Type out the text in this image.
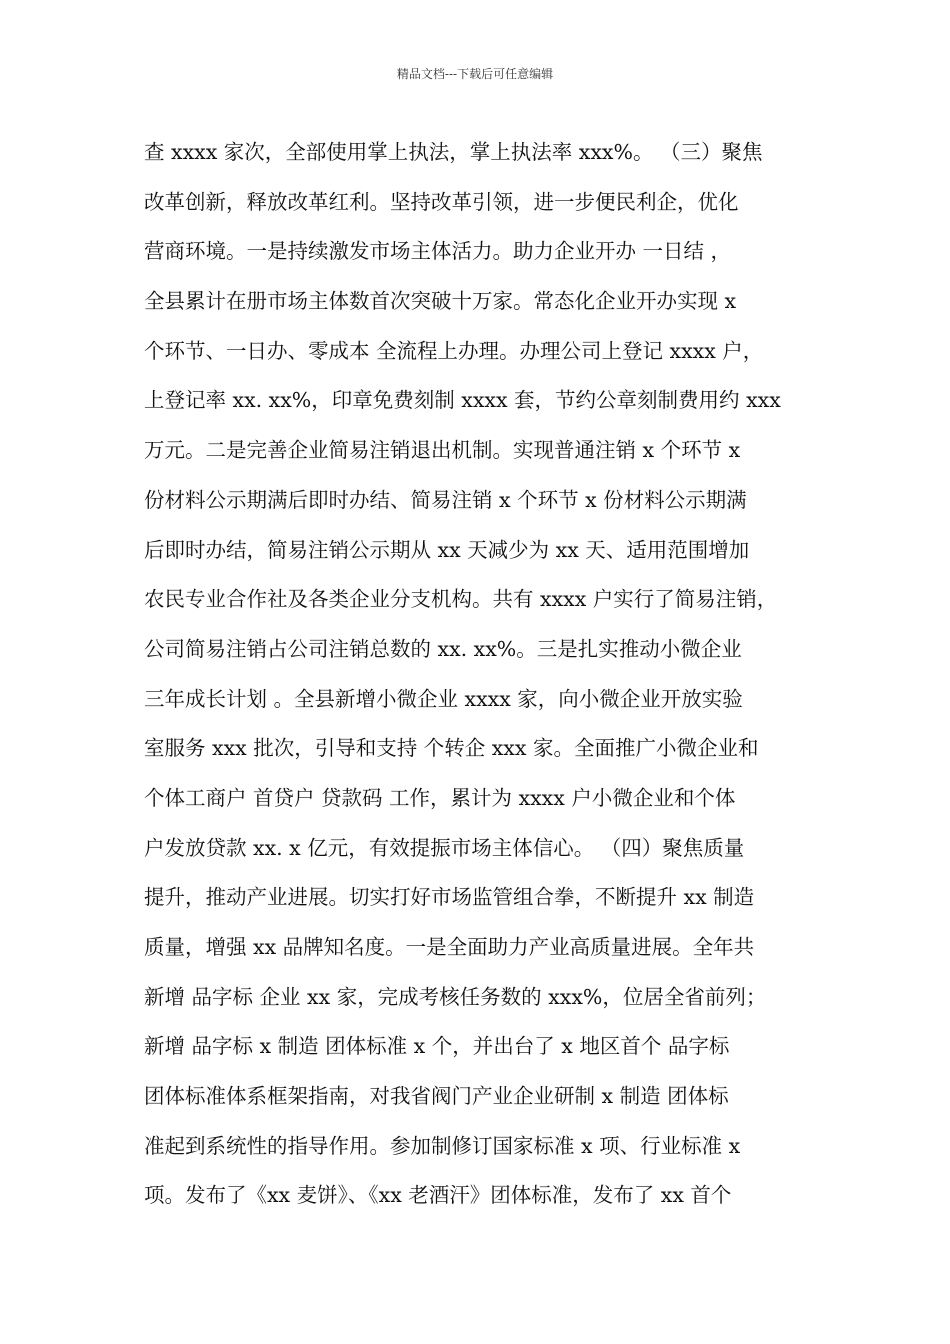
精品文档---下载后可任意编辑
查 xxxx 家次，全部使用掌上执法，掌上执法率 xxx%。 （三）聚焦
改革创新，释放改革红利。坚持改革引领，进一步便民利企，优化
营商环境。一是持续激发市场主体活力。助力企业开办 一日结 ，
全县累计在册市场主体数首次突破十万家。常态化企业开办实现 x
个环节、一日办、零成本 全流程上办理。办理公司上登记 xxxx 户，
上登记率 xx. xx%，印章免费刻制 xxxx 套，节约公章刻制费用约 xxx
万元。二是完善企业简易注销退出机制。实现普通注销 x 个环节 x
份材料公示期满后即时办结、简易注销 x 个环节 x 份材料公示期满
后即时办结，简易注销公示期从 xx 天减少为 xx 天、适用范围增加
农民专业合作社及各类企业分支机构。共有 xxxx 户实行了简易注销，
公司简易注销占公司注销总数的 xx. xx%。三是扎实推动小微企业
三年成长计划 。全县新增小微企业 xxxx 家，向小微企业开放实验
室服务 xxx 批次，引导和支持 个转企 xxx 家。全面推广小微企业和
个体工商户 首贷户 贷款码 工作，累计为 xxxx 户小微企业和个体
户发放贷款 xx. x 亿元，有效提振市场主体信心。 （四）聚焦质量
提升，推动产业进展。切实打好市场监管组合拳，不断提升 xx 制造
质量，增强 xx 品牌知名度。一是全面助力产业高质量进展。全年共
新增 品字标 企业 xx 家，完成考核任务数的 xxx%，位居全省前列；
新增 品字标 x 制造 团体标准 x 个，并出台了 x 地区首个 品字标
团体标准体系框架指南，对我省阀门产业企业研制 x 制造 团体标
准起到系统性的指导作用。参加制修订国家标准 x 项、行业标准 x
项。发布了《xx 麦饼》、《xx 老酒汗》团体标准，发布了 xx 首个
